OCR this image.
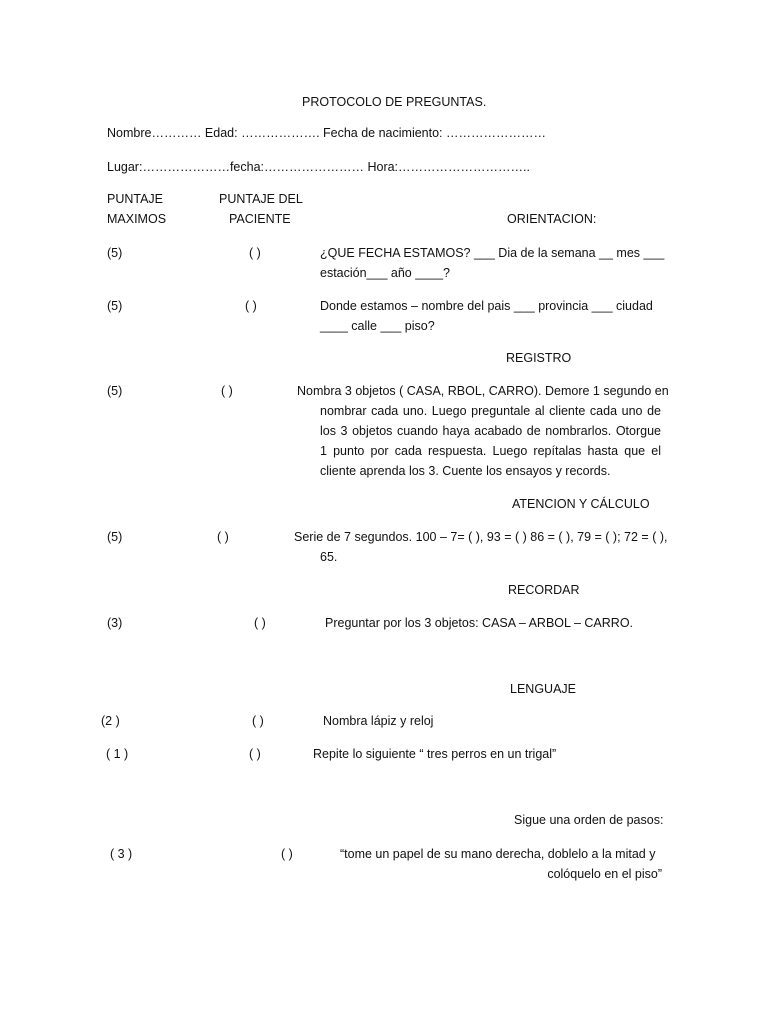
PROTOCOLO DE PREGUNTAS.
Nombre………… Edad: ………………. Fecha de nacimiento: ……………………
Lugar:…………………fecha:…………………… Hora:…………………………..
PUNTAJE
MAXIMOS
PUNTAJE DEL
PACIENTE	ORIENTACION:
(5)	( )	¿QUE FECHA ESTAMOS? ___ Dia de la semana __ mes ___
estación___ año ____?
(5)	( )	Donde estamos – nombre del pais ___ provincia ___ ciudad
____ calle ___ piso?
REGISTRO
(5)	( )	Nombra 3 objetos ( CASA, RBOL, CARRO). Demore 1 segundo en
nombrar cada uno. Luego preguntale al cliente cada uno de los 3 objetos cuando haya acabado de nombrarlos. Otorgue 1 punto por cada respuesta. Luego repítalas hasta que el cliente aprenda los 3. Cuente los ensayos y records.
ATENCION Y CÁLCULO
(5)	( )	Serie de 7 segundos. 100 – 7= ( ), 93 = ( ) 86 = ( ), 79 = ( ); 72 = ( ),
65.
RECORDAR
(3)	( )	Preguntar por los 3 objetos: CASA – ARBOL – CARRO.
LENGUAJE
(2 )	( )	Nombra lápiz y reloj
( 1 )	( )	Repite lo siguiente “ tres perros en un trigal”
Sigue una orden de pasos:
( 3 )	( )	“tome un papel de su mano derecha, doblelo a la mitad y
colóquelo en el piso”
